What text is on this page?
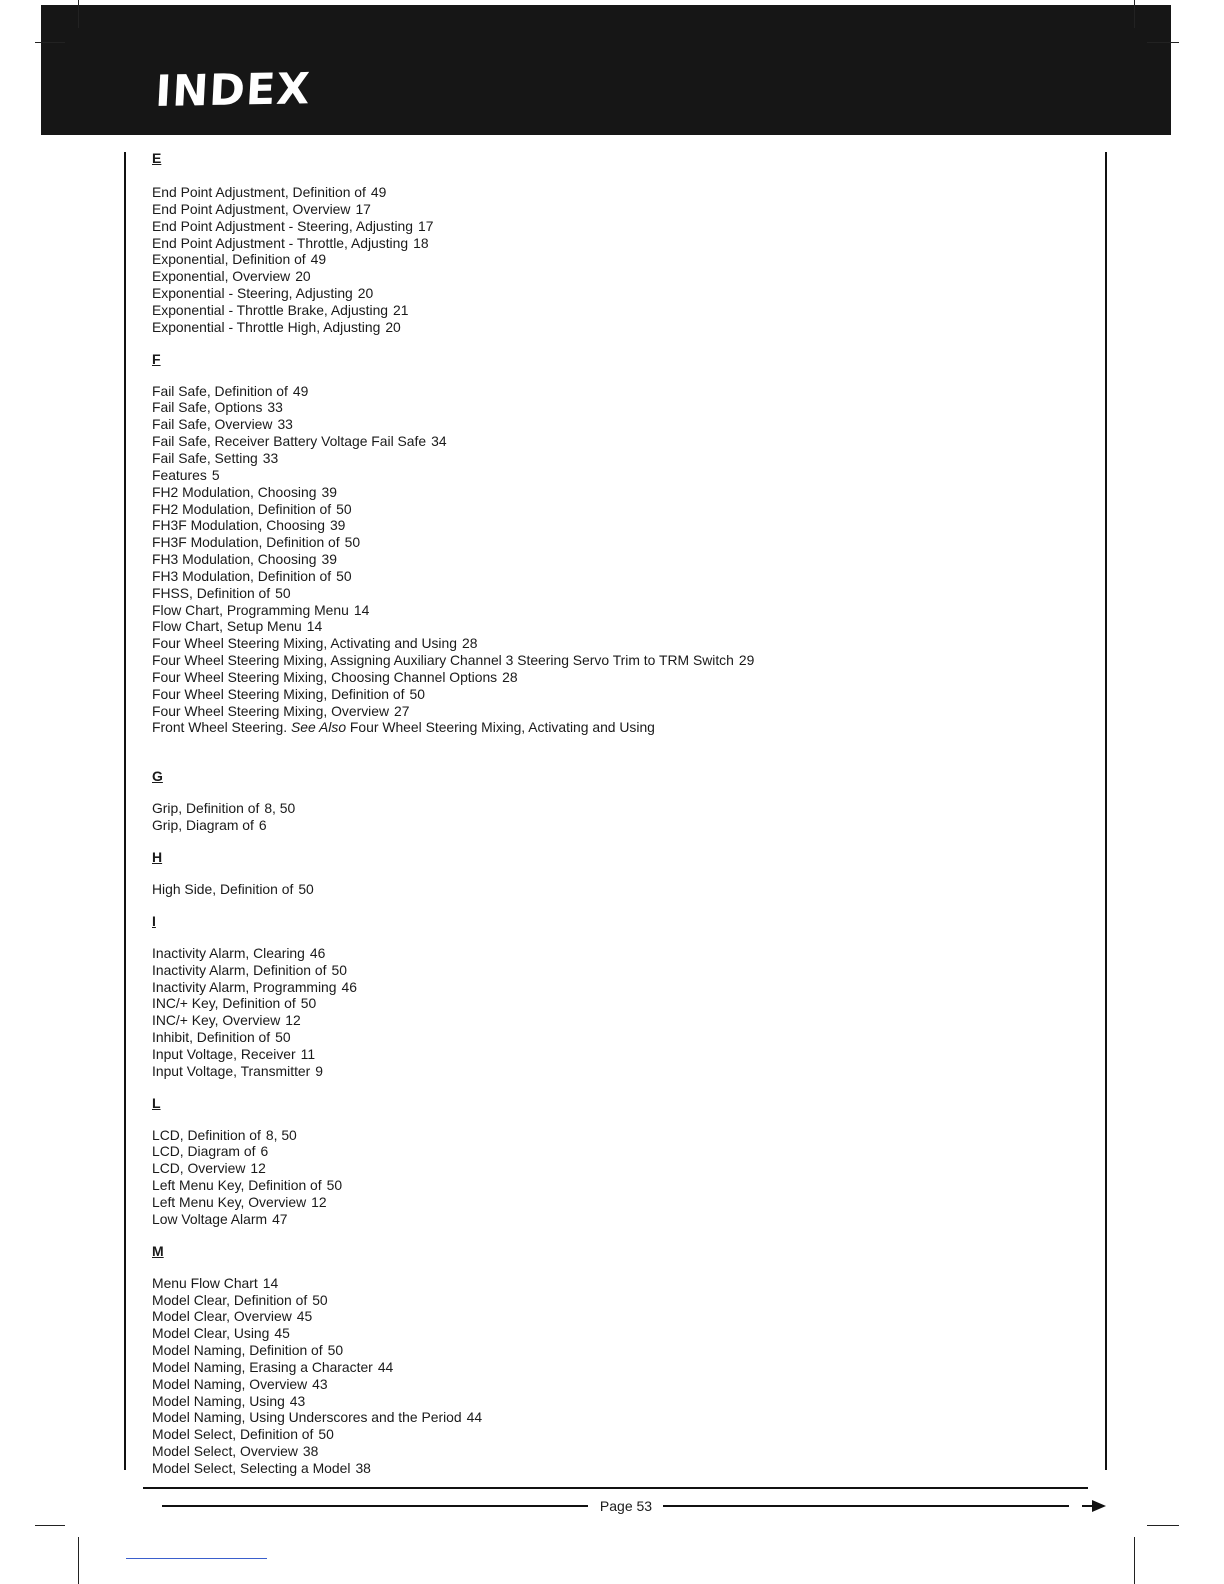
INDEX
E
End Point Adjustment, Definition of 49
End Point Adjustment, Overview 17
End Point Adjustment - Steering, Adjusting 17
End Point Adjustment - Throttle, Adjusting 18
Exponential, Definition of 49
Exponential, Overview 20
Exponential - Steering, Adjusting 20
Exponential - Throttle Brake, Adjusting 21
Exponential - Throttle High, Adjusting 20
F
Fail Safe, Definition of 49
Fail Safe, Options 33
Fail Safe, Overview 33
Fail Safe, Receiver Battery Voltage Fail Safe 34
Fail Safe, Setting 33
Features 5
FH2 Modulation, Choosing 39
FH2 Modulation, Definition of 50
FH3F Modulation, Choosing 39
FH3F Modulation, Definition of 50
FH3 Modulation, Choosing 39
FH3 Modulation, Definition of 50
FHSS, Definition of 50
Flow Chart, Programming Menu 14
Flow Chart, Setup Menu 14
Four Wheel Steering Mixing, Activating and Using 28
Four Wheel Steering Mixing, Assigning Auxiliary Channel 3 Steering Servo Trim to TRM Switch 29
Four Wheel Steering Mixing, Choosing Channel Options 28
Four Wheel Steering Mixing, Definition of 50
Four Wheel Steering Mixing, Overview 27
Front Wheel Steering. See Also Four Wheel Steering Mixing, Activating and Using
G
Grip, Definition of 8, 50
Grip, Diagram of 6
H
High Side, Definition of 50
I
Inactivity Alarm, Clearing 46
Inactivity Alarm, Definition of 50
Inactivity Alarm, Programming 46
INC/+ Key, Definition of 50
INC/+ Key, Overview 12
Inhibit, Definition of 50
Input Voltage, Receiver 11
Input Voltage, Transmitter 9
L
LCD, Definition of 8, 50
LCD, Diagram of 6
LCD, Overview 12
Left Menu Key, Definition of 50
Left Menu Key, Overview 12
Low Voltage Alarm 47
M
Menu Flow Chart 14
Model Clear, Definition of 50
Model Clear, Overview 45
Model Clear, Using 45
Model Naming, Definition of 50
Model Naming, Erasing a Character 44
Model Naming, Overview 43
Model Naming, Using 43
Model Naming, Using Underscores and the Period 44
Model Select, Definition of 50
Model Select, Overview 38
Model Select, Selecting a Model 38
Page 53
